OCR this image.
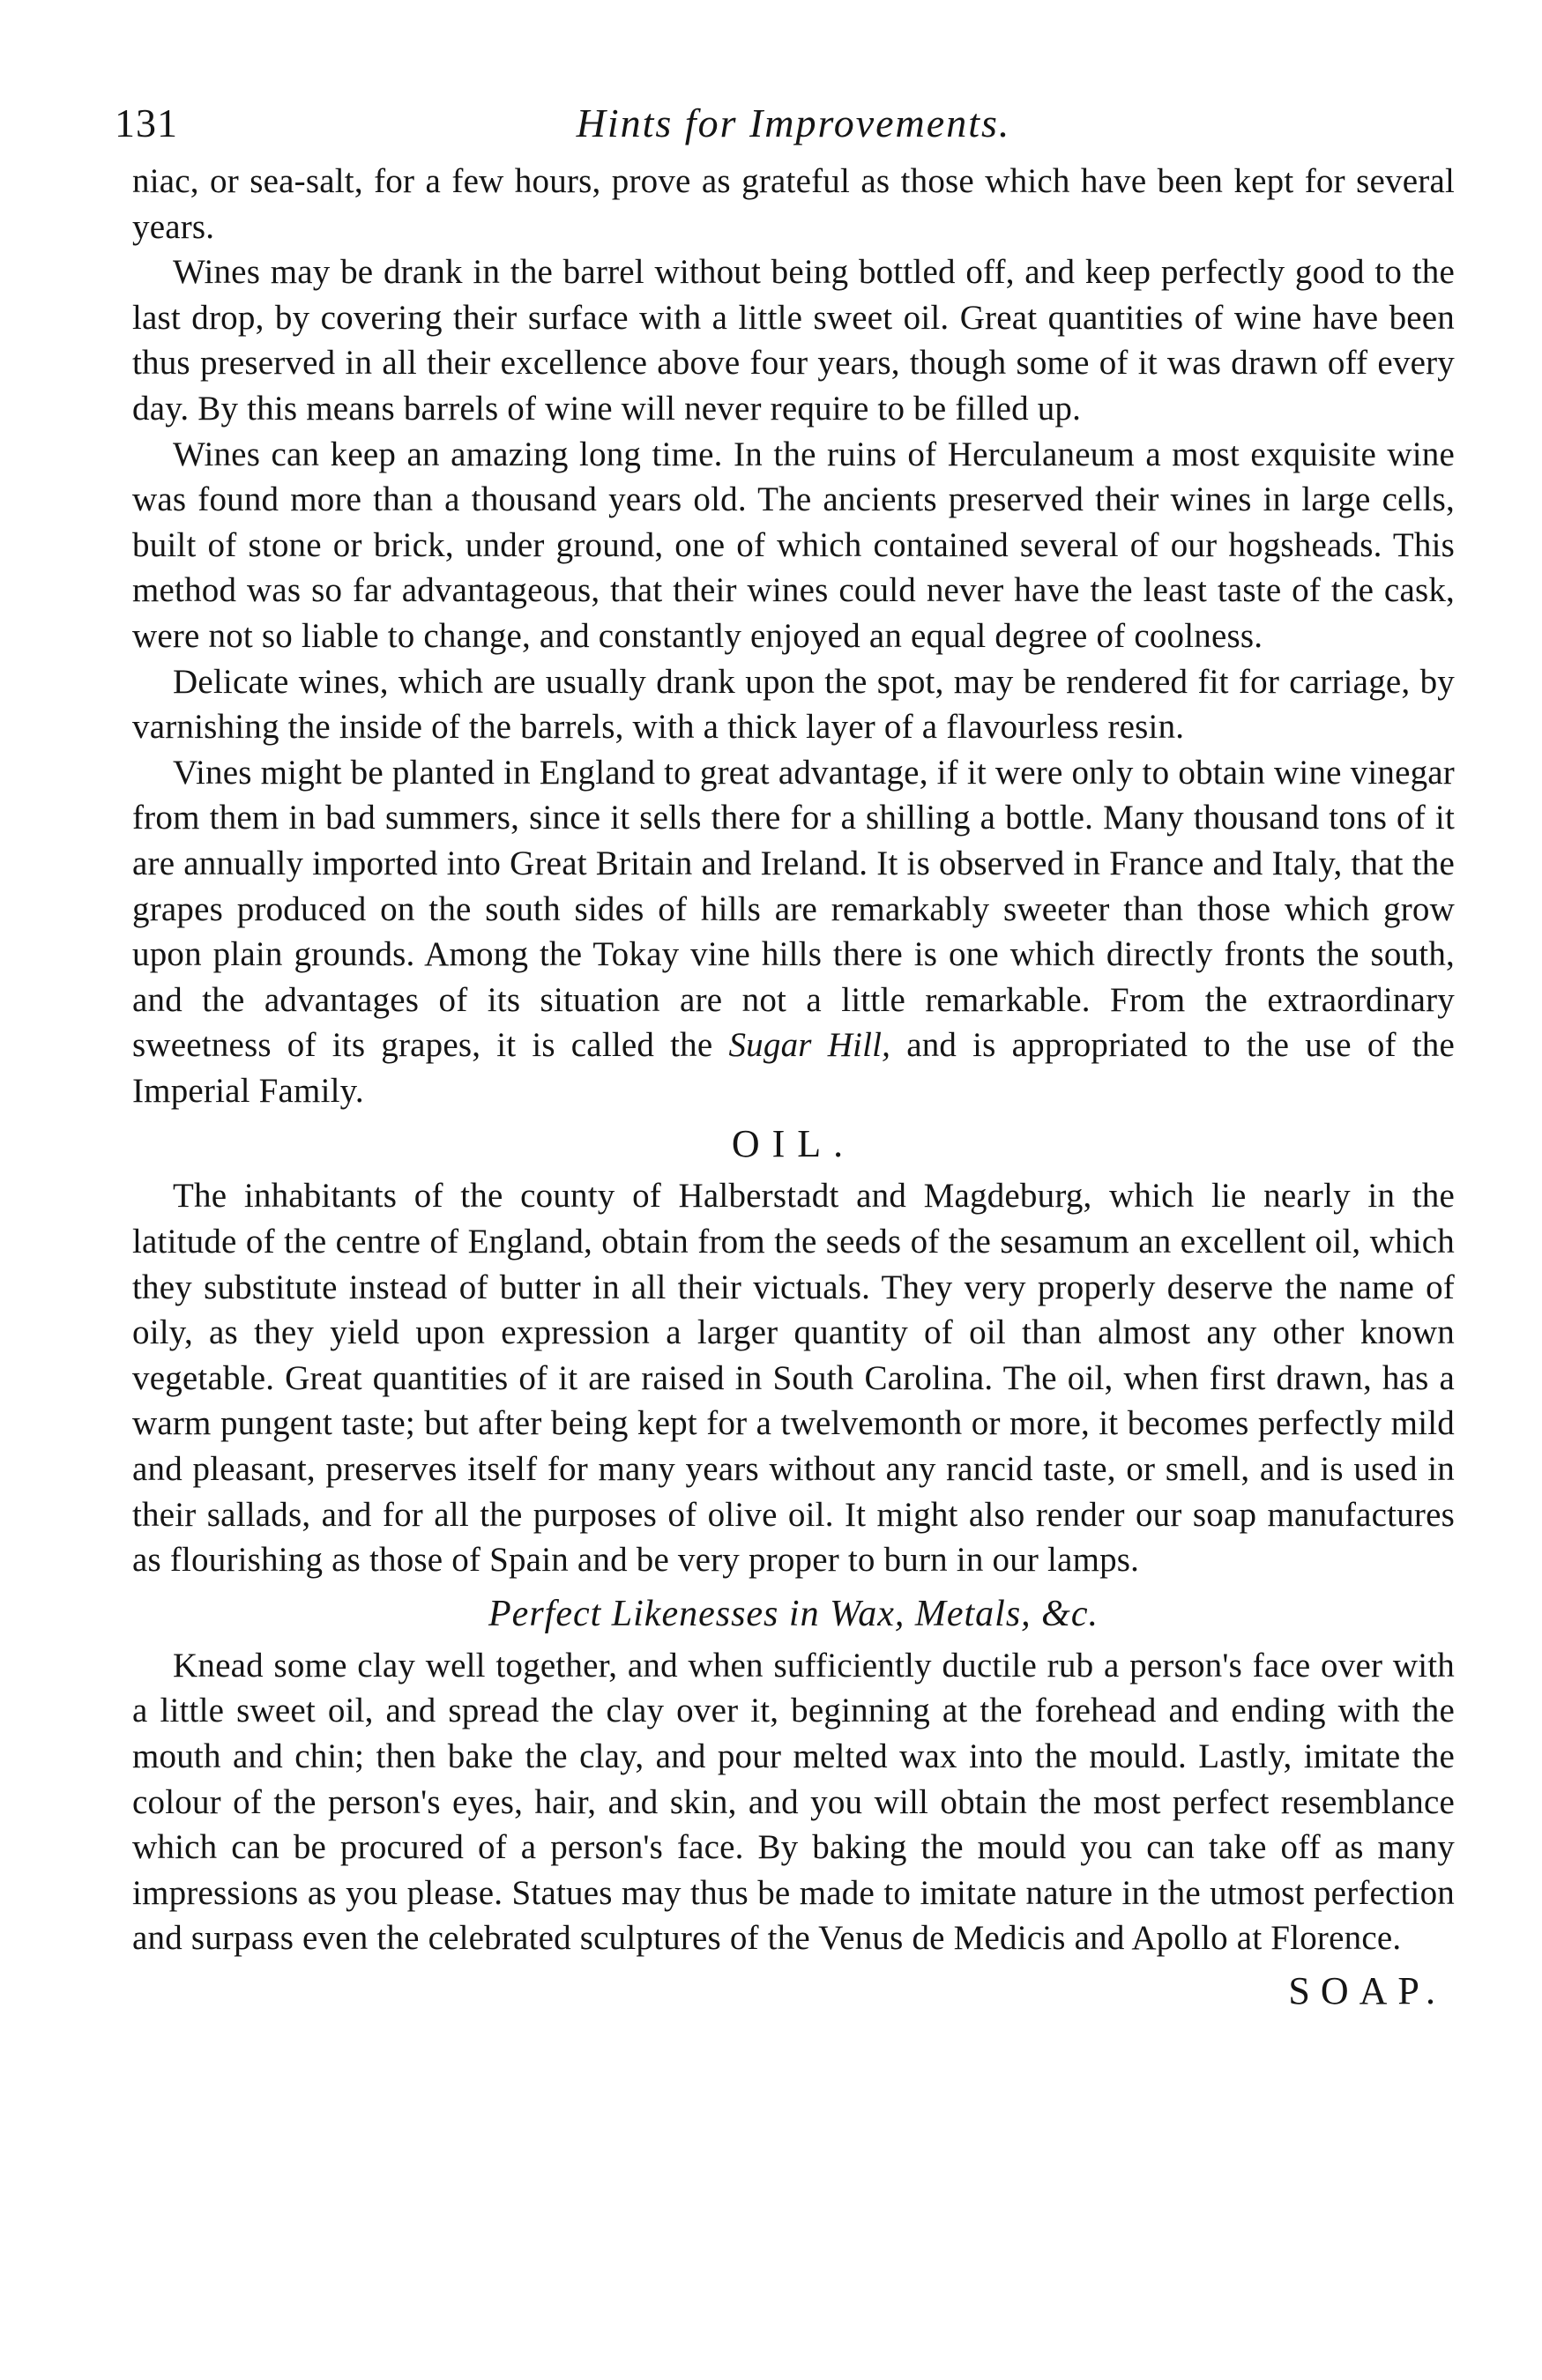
131	Hints for Improvements.

niac, or sea-salt, for a few hours, prove as grateful as those which have been kept for several years.

Wines may be drank in the barrel without being bottled off, and keep perfectly good to the last drop, by covering their surface with a little sweet oil. Great quantities of wine have been thus preserved in all their excellence above four years, though some of it was drawn off every day. By this means barrels of wine will never require to be filled up.

Wines can keep an amazing long time. In the ruins of Herculaneum a most exquisite wine was found more than a thousand years old. The ancients preserved their wines in large cells, built of stone or brick, under ground, one of which contained several of our hogsheads. This method was so far advantageous, that their wines could never have the least taste of the cask, were not so liable to change, and constantly enjoyed an equal degree of coolness.

Delicate wines, which are usually drank upon the spot, may be rendered fit for carriage, by varnishing the inside of the barrels, with a thick layer of a flavourless resin.

Vines might be planted in England to great advantage, if it were only to obtain wine vinegar from them in bad summers, since it sells there for a shilling a bottle. Many thousand tons of it are annually imported into Great Britain and Ireland. It is observed in France and Italy, that the grapes produced on the south sides of hills are remarkably sweeter than those which grow upon plain grounds. Among the Tokay vine hills there is one which directly fronts the south, and the advantages of its situation are not a little remarkable. From the extraordinary sweetness of its grapes, it is called the Sugar Hill, and is appropriated to the use of the Imperial Family.

OIL.

The inhabitants of the county of Halberstadt and Magdeburg, which lie nearly in the latitude of the centre of England, obtain from the seeds of the sesamum an excellent oil, which they substitute instead of butter in all their victuals. They very properly deserve the name of oily, as they yield upon expression a larger quantity of oil than almost any other known vegetable. Great quantities of it are raised in South Carolina. The oil, when first drawn, has a warm pungent taste; but after being kept for a twelvemonth or more, it becomes perfectly mild and pleasant, preserves itself for many years without any rancid taste, or smell, and is used in their sallads, and for all the purposes of olive oil. It might also render our soap manufactures as flourishing as those of Spain and be very proper to burn in our lamps.

Perfect Likenesses in Wax, Metals, &c.

Knead some clay well together, and when sufficiently ductile rub a person's face over with a little sweet oil, and spread the clay over it, beginning at the forehead and ending with the mouth and chin; then bake the clay, and pour melted wax into the mould. Lastly, imitate the colour of the person's eyes, hair, and skin, and you will obtain the most perfect resemblance which can be procured of a person's face. By baking the mould you can take off as many impressions as you please. Statues may thus be made to imitate nature in the utmost perfection and surpass even the celebrated sculptures of the Venus de Medicis and Apollo at Florence.

SOAP.
